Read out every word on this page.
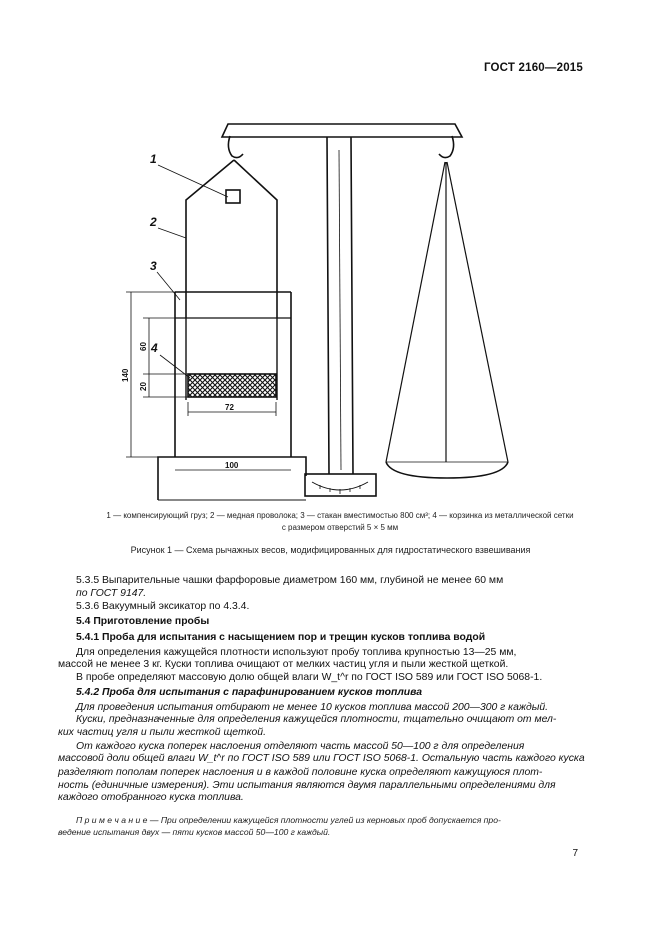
ГОСТ 2160—2015
1
2
3
4
140
60
20
72
100
1 — компенсирующий груз; 2 — медная проволока; 3 — стакан вместимостью 800 см³; 4 — корзинка из металлической сетки
с размером отверстий 5 × 5 мм
Рисунок 1 — Схема рычажных весов, модифицированных для гидростатического взвешивания
5.3.5 Выпарительные чашки фарфоровые диаметром 160 мм, глубиной не менее 60 мм
по ГОСТ 9147.
5.3.6 Вакуумный эксикатор по 4.3.4.
5.4 Приготовление пробы
5.4.1 Проба для испытания с насыщением пор и трещин кусков топлива водой
Для определения кажущейся плотности используют пробу топлива крупностью 13—25 мм,
массой не менее 3 кг. Куски топлива очищают от мелких частиц угля и пыли жесткой щеткой.
В пробе определяют массовую долю общей влаги W_t^r по ГОСТ ISO 589 или ГОСТ ISO 5068-1.
5.4.2 Проба для испытания с парафинированием кусков топлива
Для проведения испытания отбирают не менее 10 кусков топлива массой 200—300 г каждый.
Куски, предназначенные для определения кажущейся плотности, тщательно очищают от мел-
ких частиц угля и пыли жесткой щеткой.
От каждого куска поперек наслоения отделяют часть массой 50—100 г для определения
массовой доли общей влаги W_t^r по ГОСТ ISO 589 или ГОСТ ISO 5068-1. Остальную часть каждого куска
разделяют пополам поперек наслоения и в каждой половине куска определяют кажущуюся плот-
ность (единичные измерения). Эти испытания являются двумя параллельными определениями для
каждого отобранного куска топлива.
П р и м е ч а н и е — При определении кажущейся плотности углей из керновых проб допускается про-
ведение испытания двух — пяти кусков массой 50—100 г каждый.
7
